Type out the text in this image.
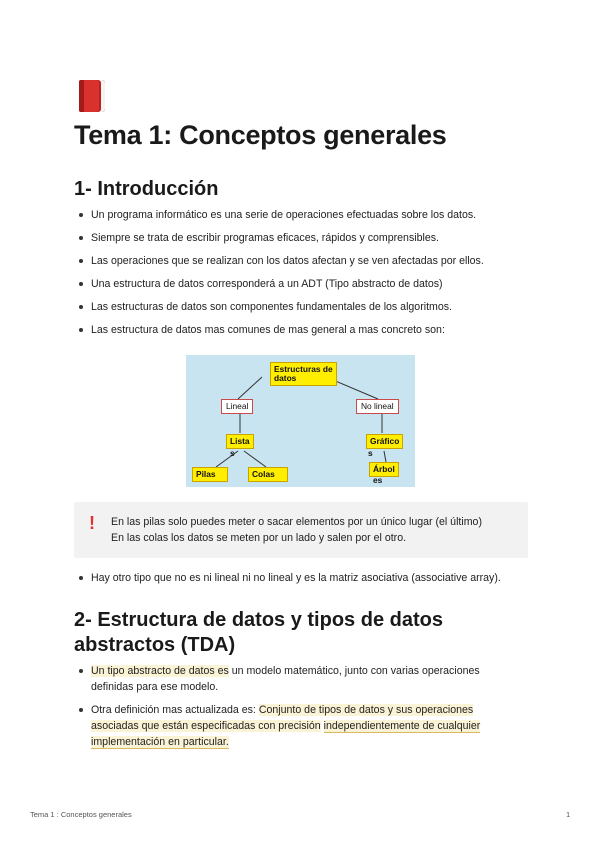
Tema 1: Conceptos generales
1- Introducción
Un programa informático es una serie de operaciones efectuadas sobre los datos.
Siempre se trata de escribir programas eficaces, rápidos y comprensibles.
Las operaciones que se realizan con los datos afectan y se ven afectadas por ellos.
Una estructura de datos corresponderá a un ADT (Tipo abstracto de datos)
Las estructuras de datos son componentes fundamentales de los algoritmos.
Las estructura de datos mas comunes de mas general a mas concreto son:
Estructuras de
datos
Lineal	No lineal
Lista
s
Gráfico
s
Pilas	Colas	Árbol
es
! En las pilas solo puedes meter o sacar elementos por un único lugar (el último)

En las colas los datos se meten por un lado y salen por el otro.

Hay otro tipo que no es ni lineal ni no lineal y es la matriz asociativa (associative array).
2- Estructura de datos y tipos de datos
abstractos (TDA)
Un tipo abstracto de datos es un modelo matemático, junto con varias operaciones definidas para ese modelo.
Otra definición mas actualizada es: Conjunto de tipos de datos y sus operaciones asociadas que están especificadas con precisión independientemente de cualquier implementación en particular.
Tema 1 : Conceptos generales	1
